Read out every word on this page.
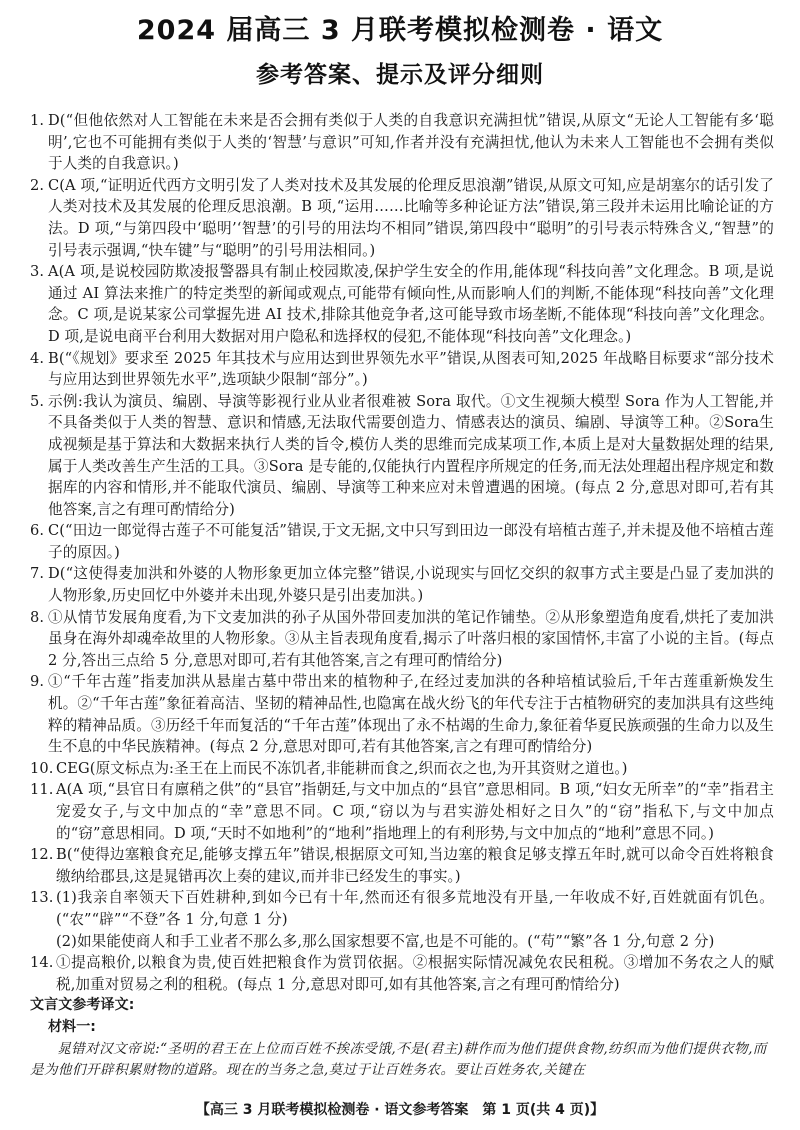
2024 届高三 3 月联考模拟检测卷 · 语文
参考答案、提示及评分细则
1. D(“但他依然对人工智能在未来是否会拥有类似于人类的自我意识充满担忧”错误,从原文“无论人工智能有多‘聪明’,它也不可能拥有类似于人类的‘智慧’与意识”可知,作者并没有充满担忧,他认为未来人工智能也不会拥有类似于人类的自我意识。)
2. C(A 项,“证明近代西方文明引发了人类对技术及其发展的伦理反思浪潮”错误,从原文可知,应是胡塞尔的话引发了人类对技术及其发展的伦理反思浪潮。B 项,“运用……比喻等多种论证方法”错误,第三段并未运用比喻论证的方法。D 项,“与第四段中‘聪明’‘智慧’的引号的用法均不相同”错误,第四段中“聪明”的引号表示特殊含义,“智慧”的引号表示强调,“快车键”与“聪明”的引号用法相同。)
3. A(A 项,是说校园防欺凌报警器具有制止校园欺凌,保护学生安全的作用,能体现“科技向善”文化理念。B 项,是说通过 AI 算法来推广的特定类型的新闻或观点,可能带有倾向性,从而影响人们的判断,不能体现“科技向善”文化理念。C 项,是说某家公司掌握先进 AI 技术,排除其他竞争者,这可能导致市场垄断,不能体现“科技向善”文化理念。D 项,是说电商平台利用大数据对用户隐私和选择权的侵犯,不能体现“科技向善”文化理念。)
4. B(“《规划》要求至 2025 年其技术与应用达到世界领先水平”错误,从图表可知,2025 年战略目标要求“部分技术与应用达到世界领先水平”,选项缺少限制“部分”。)
5. 示例:我认为演员、编剧、导演等影视行业从业者很难被 Sora 取代。①文生视频大模型 Sora 作为人工智能,并不具备类似于人类的智慧、意识和情感,无法取代需要创造力、情感表达的演员、编剧、导演等工种。②Sora生成视频是基于算法和大数据来执行人类的旨令,模仿人类的思维而完成某项工作,本质上是对大量数据处理的结果,属于人类改善生产生活的工具。③Sora 是专能的,仅能执行内置程序所规定的任务,而无法处理超出程序规定和数据库的内容和情形,并不能取代演员、编剧、导演等工种来应对未曾遭遇的困境。(每点 2 分,意思对即可,若有其他答案,言之有理可酌情给分)
6. C(“田边一郎觉得古莲子不可能复活”错误,于文无据,文中只写到田边一郎没有培植古莲子,并未提及他不培植古莲子的原因。)
7. D(“这使得麦加洪和外婆的人物形象更加立体完整”错误,小说现实与回忆交织的叙事方式主要是凸显了麦加洪的人物形象,历史回忆中外婆并未出现,外婆只是引出麦加洪。)
8. ①从情节发展角度看,为下文麦加洪的孙子从国外带回麦加洪的笔记作铺垫。②从形象塑造角度看,烘托了麦加洪虽身在海外却魂牵故里的人物形象。③从主旨表现角度看,揭示了叶落归根的家国情怀,丰富了小说的主旨。(每点 2 分,答出三点给 5 分,意思对即可,若有其他答案,言之有理可酌情给分)
9. ①“千年古莲”指麦加洪从悬崖古墓中带出来的植物种子,在经过麦加洪的各种培植试验后,千年古莲重新焕发生机。②“千年古莲”象征着高洁、坚韧的精神品性,也隐寓在战火纷飞的年代专注于古植物研究的麦加洪具有这些纯粹的精神品质。③历经千年而复活的“千年古莲”体现出了永不枯竭的生命力,象征着华夏民族顽强的生命力以及生生不息的中华民族精神。(每点 2 分,意思对即可,若有其他答案,言之有理可酌情给分)
10. CEG(原文标点为:圣王在上而民不冻饥者,非能耕而食之,织而衣之也,为开其资财之道也。)
11. A(A 项,“县官日有廪稍之供”的“县官”指朝廷,与文中加点的“县官”意思相同。B 项,“妇女无所幸”的“幸”指君主宠爱女子,与文中加点的“幸”意思不同。C 项,“窃以为与君实游处相好之日久”的“窃”指私下,与文中加点的“窃”意思相同。D 项,“天时不如地利”的“地利”指地理上的有利形势,与文中加点的“地利”意思不同。)
12. B(“使得边塞粮食充足,能够支撑五年”错误,根据原文可知,当边塞的粮食足够支撑五年时,就可以命令百姓将粮食缴纳给郡县,这是晁错再次上奏的建议,而并非已经发生的事实。)
13. (1)我亲自率领天下百姓耕种,到如今已有十年,然而还有很多荒地没有开垦,一年收成不好,百姓就面有饥色。(“农”“辟”“不登”各 1 分,句意 1 分)
(2)如果能使商人和手工业者不那么多,那么国家想要不富,也是不可能的。(“苟”“繁”各 1 分,句意 2 分)
14. ①提高粮价,以粮食为贵,使百姓把粮食作为赏罚依据。②根据实际情况减免农民租税。③增加不务农之人的赋税,加重对贸易之利的租税。(每点 1 分,意思对即可,如有其他答案,言之有理可酌情给分)
文言文参考译文:
材料一:
晁错对汉文帝说:“圣明的君王在上位而百姓不挨冻受饿,不是(君主)耕作而为他们提供食物,纺织而为他们提供衣物,而是为他们开辟积累财物的道路。现在的当务之急,莫过于让百姓务农。要让百姓务农,关键在
【高三 3 月联考模拟检测卷 · 语文参考答案　第 1 页(共 4 页)】
